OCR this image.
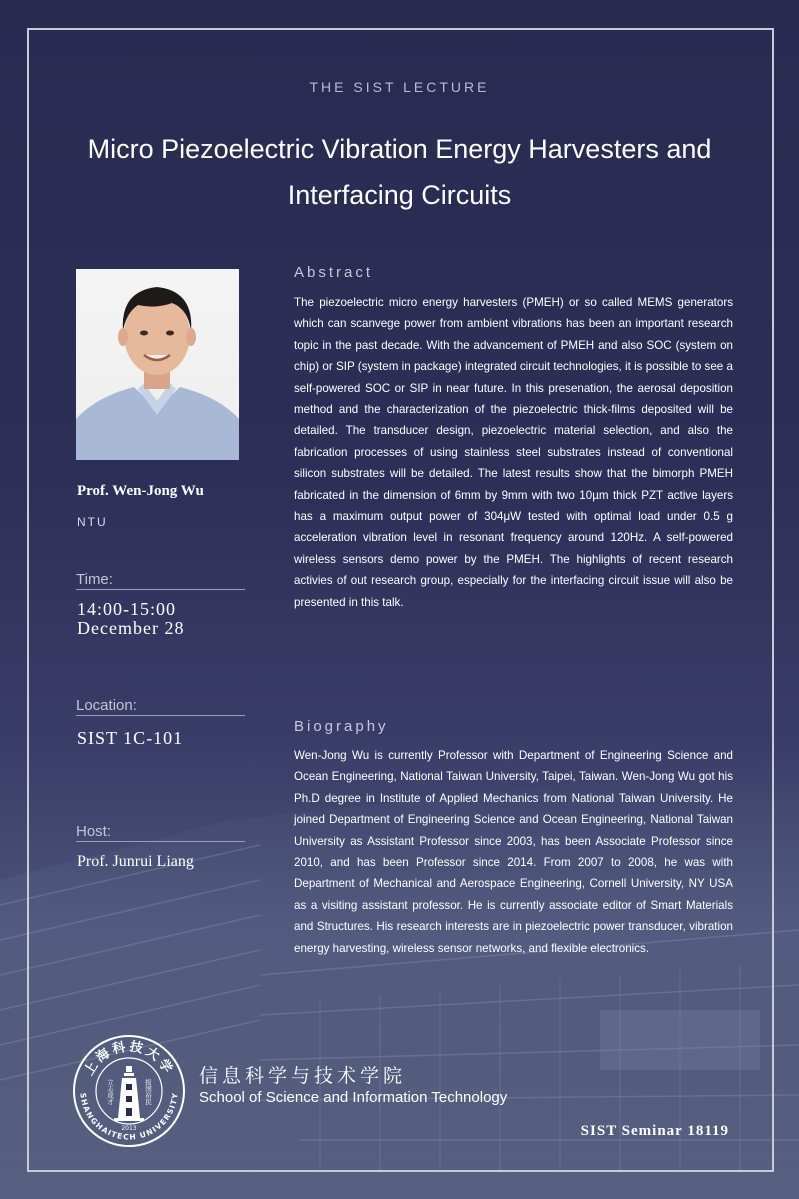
THE SIST LECTURE
Micro Piezoelectric Vibration Energy Harvesters and
Interfacing Circuits
Prof. Wen-Jong Wu
NTU
Time:
14:00-15:00
December 28
Location:
SIST 1C-101
Host:
Prof. Junrui Liang
Abstract
The piezoelectric micro energy harvesters (PMEH) or so called MEMS generators which can scanvege power from ambient vibrations has been an important research topic in the past decade. With the advancement of PMEH and also SOC (system on chip) or SIP (system in package) integrated circuit technologies, it is possible to see a self-powered SOC or SIP in near future. In this presenation, the aerosal deposition method and the characterization of the piezoelectric thick-films deposited will be detailed. The transducer design, piezoelectric material selection, and also the fabrication processes of using stainless steel substrates instead of conventional silicon substrates will be detailed. The latest results show that the bimorph PMEH fabricated in the dimension of 6mm by 9mm with two 10µm thick PZT active layers has a maximum output power of 304μW tested with optimal load under 0.5 g acceleration vibration level in resonant frequency around 120Hz. A self-powered wireless sensors demo power by the PMEH. The highlights of recent research activies of out research group, especially for the interfacing circuit issue will also be presented in this talk.
Biography
Wen-Jong Wu is currently Professor with Department of Engineering Science and Ocean Engineering, National Taiwan University, Taipei, Taiwan. Wen-Jong Wu got his Ph.D degree in Institute of Applied Mechanics from National Taiwan University. He joined Department of Engineering Science and Ocean Engineering, National Taiwan University as Assistant Professor since 2003, has been Associate Professor since 2010, and has been Professor since 2014. From 2007 to 2008, he was with Department of Mechanical and Aerospace Engineering, Cornell University, NY USA as a visiting assistant professor. He is currently associate editor of Smart Materials and Structures. His research interests are in piezoelectric power transducer, vibration energy harvesting, wireless sensor networks, and flexible electronics.
上海科技大学
SHANGHAITECH UNIVERSITY
立志成才	报国裕民
2013
信息科学与技术学院
School of Science and Information Technology
SIST Seminar 18119
